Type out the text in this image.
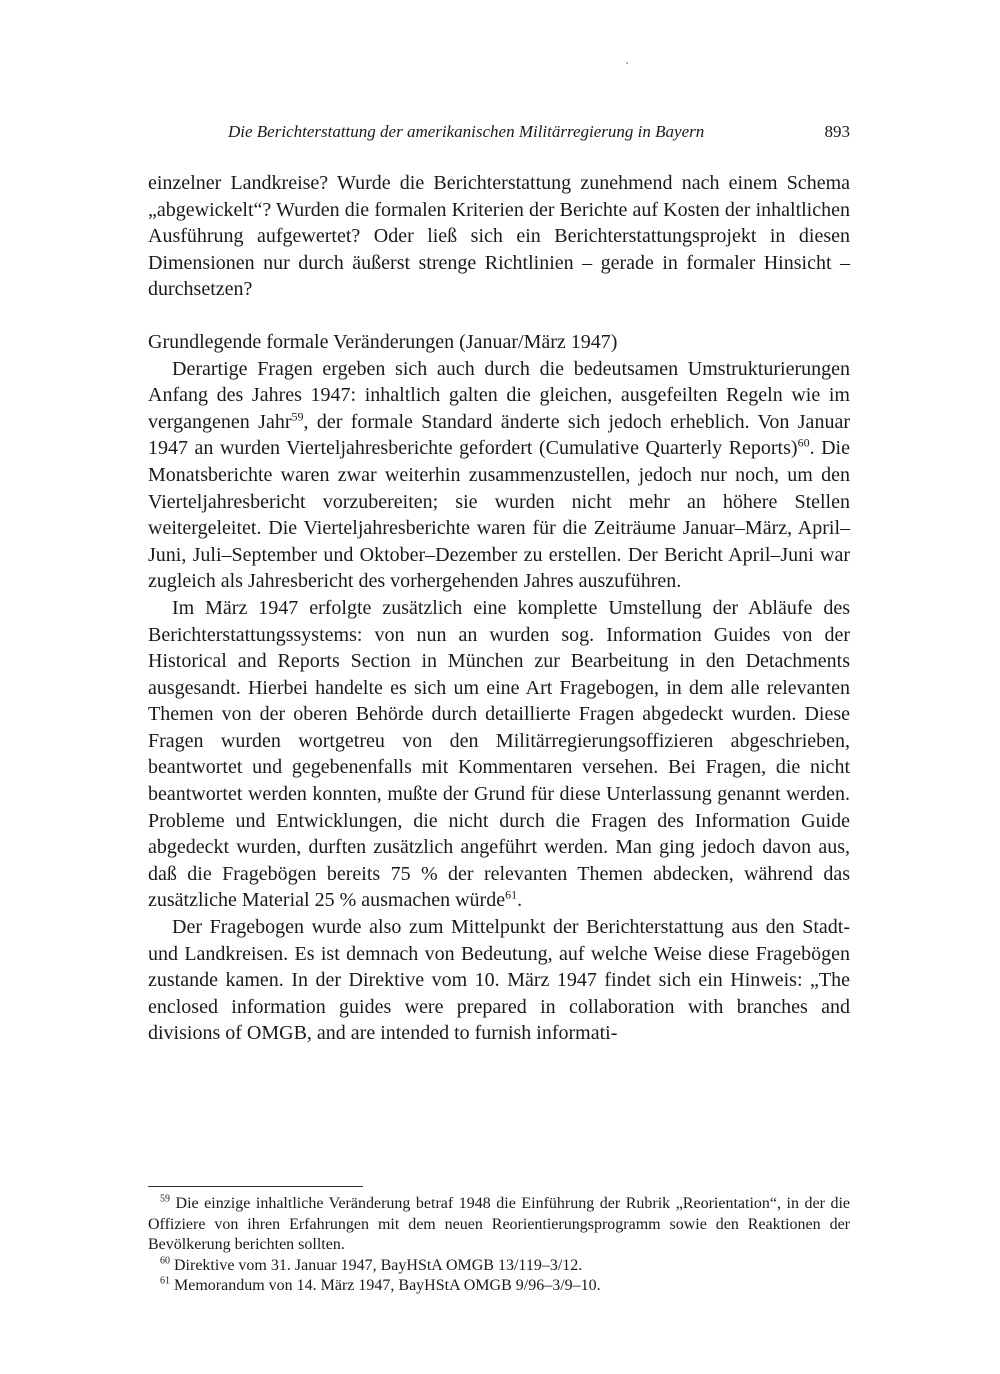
Die Berichterstattung der amerikanischen Militärregierung in Bayern	893

einzelner Landkreise? Wurde die Berichterstattung zunehmend nach einem Schema „abgewickelt“? Wurden die formalen Kriterien der Berichte auf Kosten der inhaltlichen Ausführung aufgewertet? Oder ließ sich ein Berichterstattungsprojekt in diesen Dimensionen nur durch äußerst strenge Richtlinien – gerade in formaler Hinsicht – durchsetzen?

Grundlegende formale Veränderungen (Januar/März 1947)

Derartige Fragen ergeben sich auch durch die bedeutsamen Umstrukturierungen Anfang des Jahres 1947: inhaltlich galten die gleichen, ausgefeilten Regeln wie im vergangenen Jahr$^{59}$, der formale Standard änderte sich jedoch erheblich. Von Januar 1947 an wurden Vierteljahresberichte gefordert (Cumulative Quarterly Reports)$^{60}$. Die Monatsberichte waren zwar weiterhin zusammenzustellen, jedoch nur noch, um den Vierteljahresbericht vorzubereiten; sie wurden nicht mehr an höhere Stellen weitergeleitet. Die Vierteljahresberichte waren für die Zeiträume Januar–März, April–Juni, Juli–September und Oktober–Dezember zu erstellen. Der Bericht April–Juni war zugleich als Jahresbericht des vorhergehenden Jahres auszuführen.

Im März 1947 erfolgte zusätzlich eine komplette Umstellung der Abläufe des Berichterstattungssystems: von nun an wurden sog. Information Guides von der Historical and Reports Section in München zur Bearbeitung in den Detachments ausgesandt. Hierbei handelte es sich um eine Art Fragebogen, in dem alle relevanten Themen von der oberen Behörde durch detaillierte Fragen abgedeckt wurden. Diese Fragen wurden wortgetreu von den Militärregierungsoffizieren abgeschrieben, beantwortet und gegebenenfalls mit Kommentaren versehen. Bei Fragen, die nicht beantwortet werden konnten, mußte der Grund für diese Unterlassung genannt werden. Probleme und Entwicklungen, die nicht durch die Fragen des Information Guide abgedeckt wurden, durften zusätzlich angeführt werden. Man ging jedoch davon aus, daß die Fragebögen bereits 75 % der relevanten Themen abdecken, während das zusätzliche Material 25 % ausmachen würde$^{61}$.

Der Fragebogen wurde also zum Mittelpunkt der Berichterstattung aus den Stadt- und Landkreisen. Es ist demnach von Bedeutung, auf welche Weise diese Fragebögen zustande kamen. In der Direktive vom 10. März 1947 findet sich ein Hinweis: „The enclosed information guides were prepared in collaboration with branches and divisions of OMGB, and are intended to furnish informati-

$^{59}$ Die einzige inhaltliche Veränderung betraf 1948 die Einführung der Rubrik „Reorientation“, in der die Offiziere von ihren Erfahrungen mit dem neuen Reorientierungsprogramm sowie den Reaktionen der Bevölkerung berichten sollten.

$^{60}$ Direktive vom 31. Januar 1947, BayHStA OMGB 13/119–3/12.

$^{61}$ Memorandum von 14. März 1947, BayHStA OMGB 9/96–3/9–10.
